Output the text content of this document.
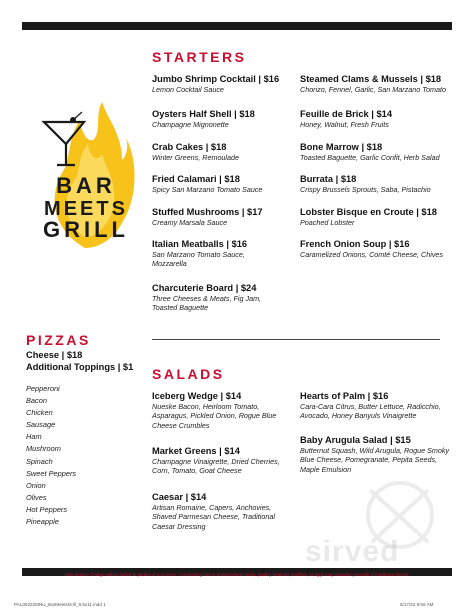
BAR
MEETS
GRILL
STARTERS
Jumbo Shrimp Cocktail | $16
Lemon Cocktail Sauce
Oysters Half Shell | $18
Champagne Mignonette
Crab Cakes | $18
Winter Greens, Remoulade
Fried Calamari | $18
Spicy San Marzano Tomato Sauce
Stuffed Mushrooms | $17
Creamy Marsala Sauce
Italian Meatballs | $16
San Marzano Tomato Sauce, Mozzarella
Charcuterie Board | $24
Three Cheeses & Meats, Fig Jam, Toasted Baguette
Steamed Clams & Mussels | $18
Chorizo, Fennel, Garlic, San Marzano Tomato
Feuille de Brick | $14
Honey, Walnut, Fresh Fruits
Bone Marrow | $18
Toasted Baguette, Garlic Confit, Herb Salad
Burrata | $18
Crispy Brussels Sprouts, Saba, Pistachio
Lobster Bisque en Croute | $18
Poached Lobster
French Onion Soup | $16
Caramelized Onions, Comté Cheese, Chives
PIZZAS
Cheese | $18
Additional Toppings | $1
Pepperoni
Bacon
Chicken
Sausage
Ham
Mushroom
Spinach
Sweet Peppers
Onion
Olives
Hot Peppers
Pineapple
SALADS
Iceberg Wedge | $14
Nueske Bacon, Heirloom Tomato, Asparagus, Pickled Onion, Rogue Blue Cheese Crumbles
Market Greens | $14
Champagne Vinaigrette, Dried Cherries, Corn, Tomato, Goat Cheese
Caesar | $14
Artisan Romaine, Capers, Anchovies, Shaved Parmesan Cheese, Traditional Caesar Dressing
Hearts of Palm | $16
Cara-Cara Citrus, Butter Lettuce, Radicchio, Avocado, Honey Banyuls Vinaigrette
Baby Arugula Salad | $15
Butternut Squash, Wild Arugula, Rogue Smoky Blue Cheese, Pomegranate, Pepita Seeds, Maple Emulsion
sirved
18% Service Charge will be added to parties of 6 or more. *Consuming raw or undercooked meats, poultry, seafood, shellfish, or eggs may increase your risk of foodborne illness.
PAL05222MNU_BarMeetsGrill_8.5x11.indd 1	5/17/22 9:56 AM
